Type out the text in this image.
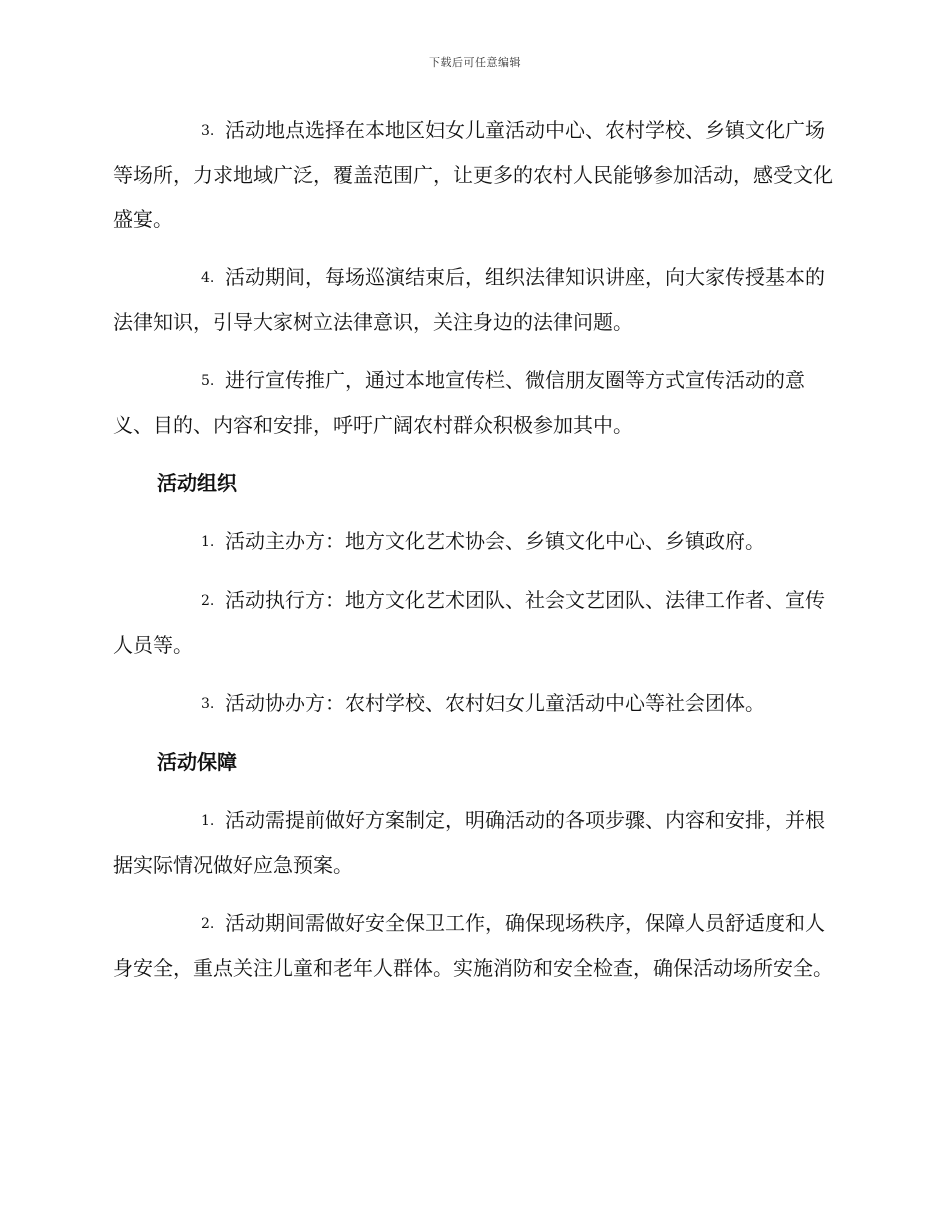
下载后可任意编辑

3. 活动地点选择在本地区妇女儿童活动中心、农村学校、乡镇文化广场等场所，力求地域广泛，覆盖范围广，让更多的农村人民能够参加活动，感受文化盛宴。

4. 活动期间，每场巡演结束后，组织法律知识讲座，向大家传授基本的法律知识，引导大家树立法律意识，关注身边的法律问题。

5. 进行宣传推广，通过本地宣传栏、微信朋友圈等方式宣传活动的意义、目的、内容和安排，呼吁广阔农村群众积极参加其中。

活动组织

1. 活动主办方：地方文化艺术协会、乡镇文化中心、乡镇政府。

2. 活动执行方：地方文化艺术团队、社会文艺团队、法律工作者、宣传人员等。

3. 活动协办方：农村学校、农村妇女儿童活动中心等社会团体。

活动保障

1. 活动需提前做好方案制定，明确活动的各项步骤、内容和安排，并根据实际情况做好应急预案。

2. 活动期间需做好安全保卫工作，确保现场秩序，保障人员舒适度和人身安全，重点关注儿童和老年人群体。实施消防和安全检查，确保活动场所安全。
